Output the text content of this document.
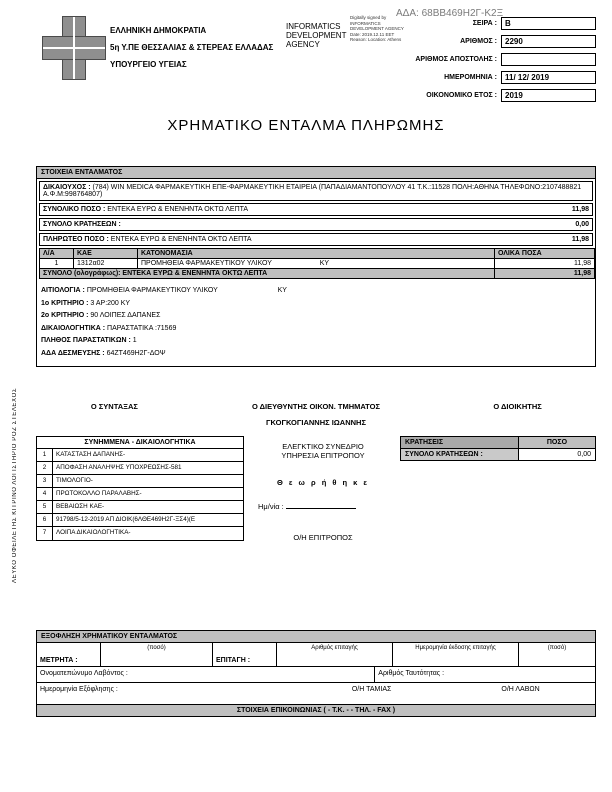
ΑΔΑ: 68ΒΒ469Η2Γ-Κ2Ξ
ΕΛΛΗΝΙΚΗ ΔΗΜΟΚΡΑΤΙΑ
5η Υ.ΠΕ ΘΕΣΣΑΛΙΑΣ & ΣΤΕΡΕΑΣ ΕΛΛΑΔΑΣ
ΥΠΟΥΡΓΕΙΟ ΥΓΕΙΑΣ
INFORMATICS DEVELOPMENT AGENCY
Digitally signed by INFORMATICS DEVELOPMENT AGENCY Date: 2019.12.11 EET Reason: Location: Athens
ΣΕΙΡΑ :	Β
ΑΡΙΘΜΟΣ :	2290
ΑΡΙΘΜΟΣ ΑΠΟΣΤΟΛΗΣ :
ΗΜΕΡΟΜΗΝΙΑ :	11/ 12/ 2019
ΟΙΚΟΝΟΜΙΚΟ ΕΤΟΣ :	2019
ΧΡΗΜΑΤΙΚΟ ΕΝΤΑΛΜΑ ΠΛΗΡΩΜΗΣ
ΣΤΟΙΧΕΙΑ ΕΝΤΑΛΜΑΤΟΣ
ΔΙΚΑΙΟΥΧΟΣ : (784) WIN MEDICA ΦΑΡΜΑΚΕΥΤΙΚΗ ΕΠΕ-ΦΑΡΜΑΚΕΥΤΙΚΗ ΕΤΑΙΡΕΙΑ (ΠΑΠΑΔΙΑΜΑΝΤΟΠΟΥΛΟΥ 41 Τ.Κ.:11528 ΠΟΛΗ:ΑΘΗΝΑ ΤΗΛΕΦΩΝΟ:2107488821 Α.Φ.Μ:998764807)
ΣΥΝΟΛΙΚΟ ΠΟΣΟ :
ΕΝΤΕΚΑ ΕΥΡΩ & ΕΝΕΝΗΝΤΑ ΟΚΤΩ ΛΕΠΤΑ	11,98
ΣΥΝΟΛΟ ΚΡΑΤΗΣΕΩΝ :
	0,00
ΠΛΗΡΩΤΕΟ ΠΟΣΟ :
ΕΝΤΕΚΑ ΕΥΡΩ & ΕΝΕΝΗΝΤΑ ΟΚΤΩ ΛΕΠΤΑ	11,98
Λ/Α	ΚΑΕ	ΚΑΤΟΝΟΜΑΣΙΑ	ΟΛΙΚΑ ΠΟΣΑ
1	1312α02	ΠΡΟΜΗΘΕΙΑ ΦΑΡΜΑΚΕΥΤΙΚΟΥ ΥΛΙΚΟΥ ΚΥ	11,98
ΣΥΝΟΛΟ (ολογράφως): ΕΝΤΕΚΑ ΕΥΡΩ & ΕΝΕΝΗΝΤΑ ΟΚΤΩ ΛΕΠΤΑ			11,98
ΑΙΤΙΟΛΟΓΙΑ : ΠΡΟΜΗΘΕΙΑ ΦΑΡΜΑΚΕΥΤΙΚΟΥ ΥΛΙΚΟΥ	ΚΥ
1ο ΚΡΙΤΗΡΙΟ : 3 ΑΡ:200 ΚΥ
2ο ΚΡΙΤΗΡΙΟ : 90 ΛΟΙΠΕΣ ΔΑΠΑΝΕΣ
ΔΙΚΑΙΟΛΟΓΗΤΙΚΑ : ΠΑΡΑΣΤΑΤΙΚΑ :71569
ΠΛΗΘΟΣ ΠΑΡΑΣΤΑΤΙΚΩΝ : 1
ΑΔΑ ΔΕΣΜΕΥΣΗΣ : 64ΖΤ469Η2Γ-ΔΟΨ
Ο ΣΥΝΤΑΞΑΣ	Ο ΔΙΕΥΘΥΝΤΗΣ ΟΙΚΟΝ. ΤΜΗΜΑΤΟΣ	Ο ΔΙΟΙΚΗΤΗΣ
ΓΚΟΓΚΟΓΙΑΝΝΗΣ ΙΩΑΝΝΗΣ
ΣΥΝΗΜΜΕΝΑ - ΔΙΚΑΙΟΛΟΓΗΤΙΚΑ
1	ΚΑΤΑΣΤΑΣΗ ΔΑΠΑΝΗΣ-
2	ΑΠΟΦΑΣΗ ΑΝΑΛΗΨΗΣ ΥΠΟΧΡΕΩΣΗΣ-581
3	ΤΙΜΟΛΟΓΙΟ-
4	ΠΡΩΤΟΚΟΛΛΟ ΠΑΡΑΛΑΒΗΣ-
5	ΒΕΒΑΙΩΣΗ ΚΑΕ-
6	91798/5-12-2019 ΑΠ ΔΙΟΙΚ(6ΛΘΕ469Η2Γ-ΞΣ4)(Ε
7	ΛΟΙΠΑ ΔΙΚΑΙΟΛΟΓΗΤΙΚΑ-
ΕΛΕΓΚΤΙΚΟ ΣΥΝΕΔΡΙΟ
ΥΠΗΡΕΣΙΑ ΕΠΙΤΡΟΠΟΥ
Θ ε ω ρ ή θ η κ ε
Ημ/νία :
Ο/Η ΕΠΙΤΡΟΠΟΣ
ΚΡΑΤΗΣΕΙΣ	ΠΟΣΟ
ΣΥΝΟΛΟ ΚΡΑΤΗΣΕΩΝ :	0,00
ΛΕΥΚΟ ΟΦΕΙΛΕΤΗΣ ΚΙΤΡΙΝΟ ΛΟΓΙΣΤΗΡΙΟ ΡΟΖ ΣΤΕΛΕΧΟΣ
ΕΞΟΦΛΗΣΗ ΧΡΗΜΑΤΙΚΟΥ ΕΝΤΑΛΜΑΤΟΣ
ΜΕΤΡΗΤΑ :
(ποσό)
ΕΠΙΤΑΓΗ :
Αριθμός επιταγής	Ημερομηνία έκδοσης επιταγής	(ποσό)
Ονοματεπώνυμο Λαβόντος :	Αριθμός Ταυτότητας :
Ημερομηνία Εξόφλησης :	Ο/Η ΤΑΜΙΑΣ	Ο/Η ΛΑΒΩΝ
ΣΤΟΙΧΕΙΑ ΕΠΙΚΟΙΝΩΝΙΑΣ ( - Τ.Κ. - - ΤΗΛ. - FAX )
